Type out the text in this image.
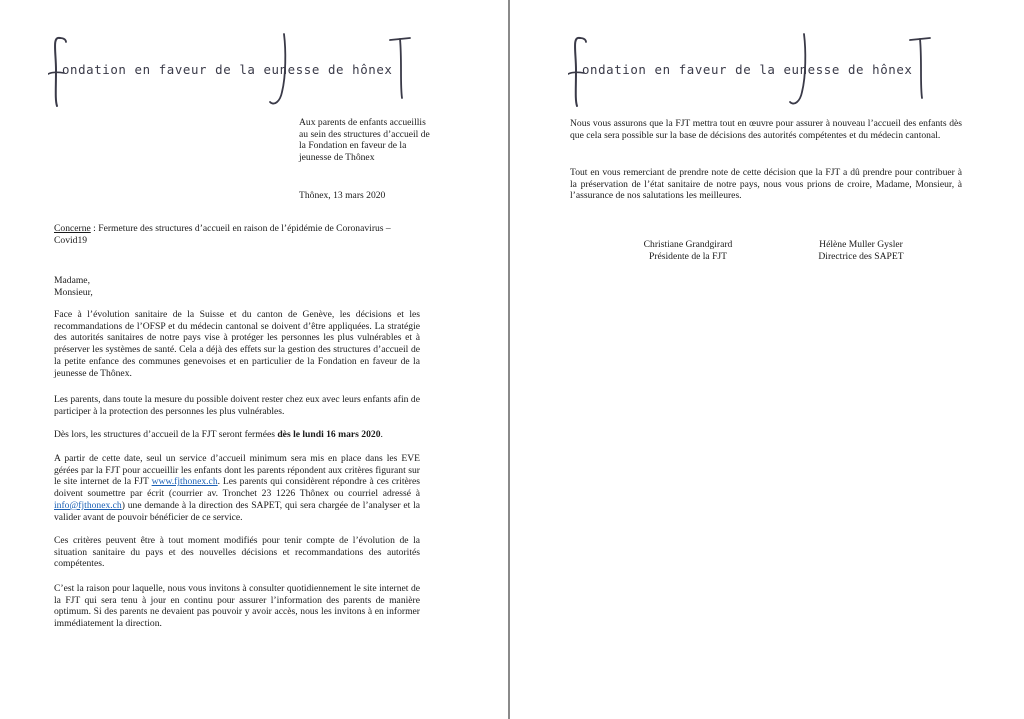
ondation en faveur de la eunesse de hônex
Aux parents de enfants accueillis
au sein des structures d’accueil de
la Fondation en faveur de la
jeunesse de Thônex
Thônex, 13 mars 2020
Concerne : Fermeture des structures d’accueil en raison de l’épidémie de Coronavirus – Covid19
Madame,
Monsieur,
Face à l’évolution sanitaire de la Suisse et du canton de Genève, les décisions et les recommandations de l’OFSP et du médecin cantonal se doivent d’être appliquées. La stratégie des autorités sanitaires de notre pays vise à protéger les personnes les plus vulnérables et à préserver les systèmes de santé. Cela a déjà des effets sur la gestion des structures d’accueil de la petite enfance des communes genevoises et en particulier de la Fondation en faveur de la jeunesse de Thônex.
Les parents, dans toute la mesure du possible doivent rester chez eux avec leurs enfants afin de participer à la protection des personnes les plus vulnérables.
Dès lors, les structures d’accueil de la FJT seront fermées dès le lundi 16 mars 2020.
A partir de cette date, seul un service d’accueil minimum sera mis en place dans les EVE gérées par la FJT pour accueillir les enfants dont les parents répondent aux critères figurant sur le site internet de la FJT www.fjthonex.ch. Les parents qui considèrent répondre à ces critères doivent soumettre par écrit (courrier av. Tronchet 23 1226 Thônex ou courriel adressé à info@fjthonex.ch) une demande à la direction des SAPET, qui sera chargée de l’analyser et la valider avant de pouvoir bénéficier de ce service.
Ces critères peuvent être à tout moment modifiés pour tenir compte de l’évolution de la situation sanitaire du pays et des nouvelles décisions et recommandations des autorités compétentes.
C’est la raison pour laquelle, nous vous invitons à consulter quotidiennement le site internet de la FJT qui sera tenu à jour en continu pour assurer l’information des parents de manière optimum. Si des parents ne devaient pas pouvoir y avoir accès, nous les invitons à en informer immédiatement la direction.
ondation en faveur de la eunesse de hônex
Nous vous assurons que la FJT mettra tout en œuvre pour assurer à nouveau l’accueil des enfants dès que cela sera possible sur la base de décisions des autorités compétentes et du médecin cantonal.
Tout en vous remerciant de prendre note de cette décision que la FJT a dû prendre pour contribuer à la préservation de l’état sanitaire de notre pays, nous vous prions de croire, Madame, Monsieur, à l’assurance de nos salutations les meilleures.
Christiane Grandgirard
Présidente de la FJT
Hélène Muller Gysler
Directrice des SAPET
